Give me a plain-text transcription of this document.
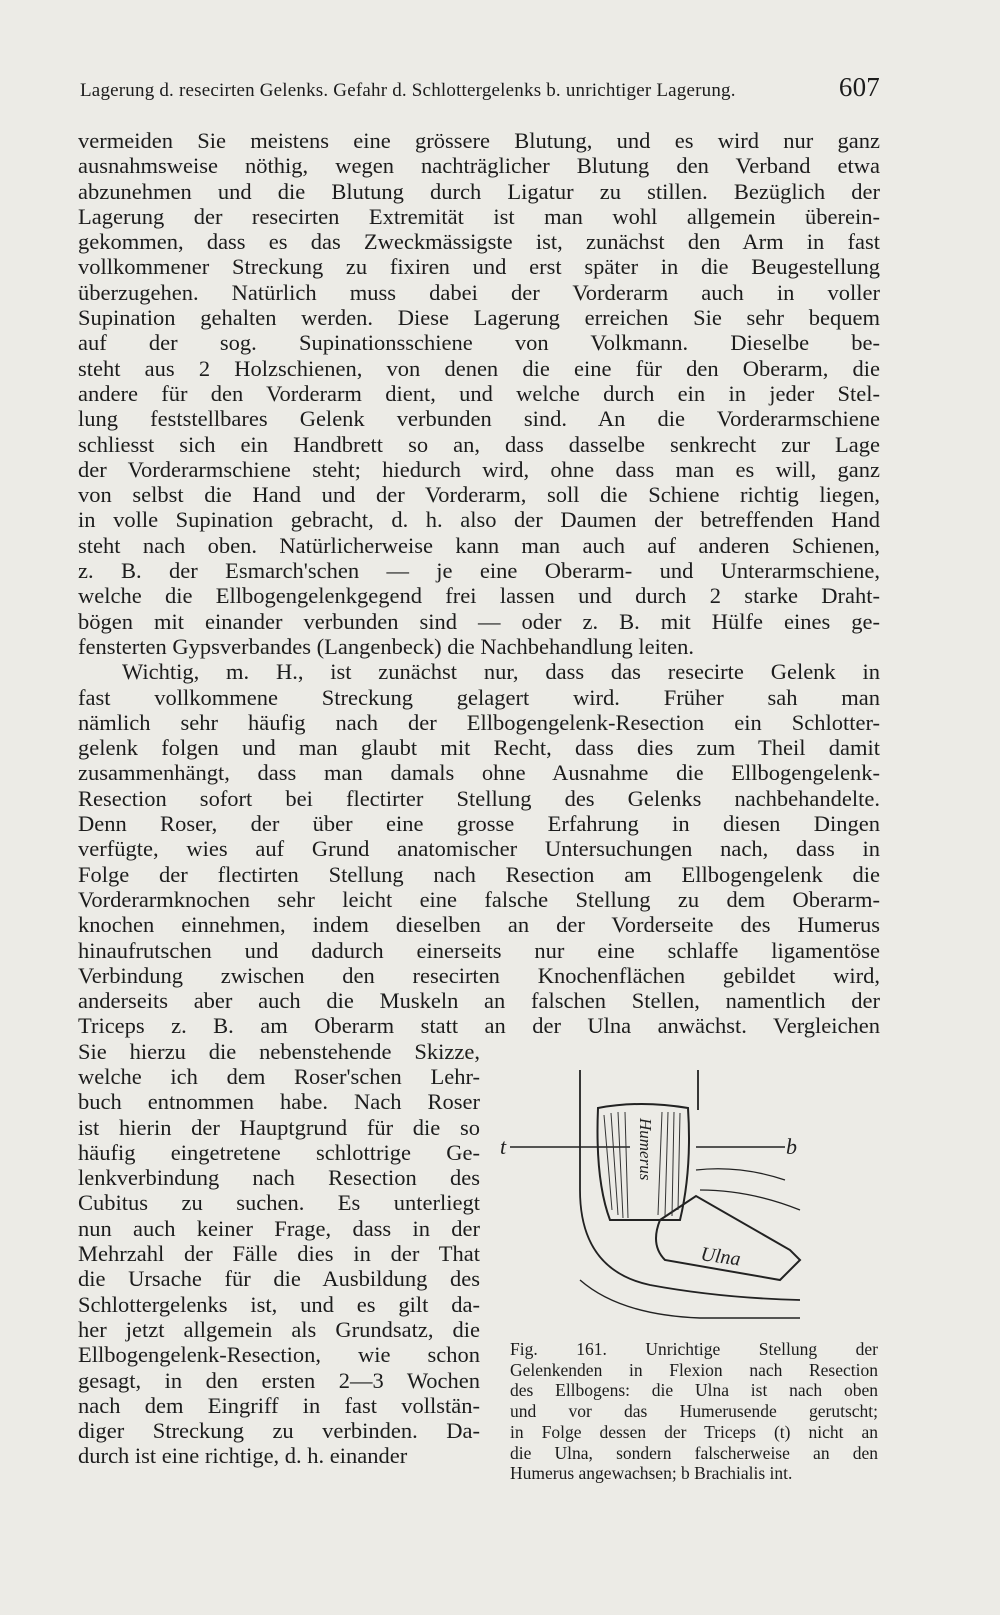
Lagerung d. resecirten Gelenks. Gefahr d. Schlottergelenks b. unrichtiger Lagerung.	607
vermeiden Sie meistens eine grössere Blutung, und es wird nur ganz
ausnahmsweise nöthig, wegen nachträglicher Blutung den Verband etwa
abzunehmen und die Blutung durch Ligatur zu stillen. Bezüglich der
Lagerung der resecirten Extremität ist man wohl allgemein überein-
gekommen, dass es das Zweckmässigste ist, zunächst den Arm in fast
vollkommener Streckung zu fixiren und erst später in die Beugestellung
überzugehen. Natürlich muss dabei der Vorderarm auch in voller
Supination gehalten werden. Diese Lagerung erreichen Sie sehr bequem
auf der sog. Supinationsschiene von Volkmann. Dieselbe be-
steht aus 2 Holzschienen, von denen die eine für den Oberarm, die
andere für den Vorderarm dient, und welche durch ein in jeder Stel-
lung feststellbares Gelenk verbunden sind. An die Vorderarmschiene
schliesst sich ein Handbrett so an, dass dasselbe senkrecht zur Lage
der Vorderarmschiene steht; hiedurch wird, ohne dass man es will, ganz
von selbst die Hand und der Vorderarm, soll die Schiene richtig liegen,
in volle Supination gebracht, d. h. also der Daumen der betreffenden Hand
steht nach oben. Natürlicherweise kann man auch auf anderen Schienen,
z. B. der Esmarch'schen — je eine Oberarm- und Unterarmschiene,
welche die Ellbogengelenkgegend frei lassen und durch 2 starke Draht-
bögen mit einander verbunden sind — oder z. B. mit Hülfe eines ge-
fensterten Gypsverbandes (Langenbeck) die Nachbehandlung leiten.
Wichtig, m. H., ist zunächst nur, dass das resecirte Gelenk in
fast vollkommene Streckung gelagert wird. Früher sah man
nämlich sehr häufig nach der Ellbogengelenk-Resection ein Schlotter-
gelenk folgen und man glaubt mit Recht, dass dies zum Theil damit
zusammenhängt, dass man damals ohne Ausnahme die Ellbogengelenk-
Resection sofort bei flectirter Stellung des Gelenks nachbehandelte.
Denn Roser, der über eine grosse Erfahrung in diesen Dingen
verfügte, wies auf Grund anatomischer Untersuchungen nach, dass in
Folge der flectirten Stellung nach Resection am Ellbogengelenk die
Vorderarmknochen sehr leicht eine falsche Stellung zu dem Oberarm-
knochen einnehmen, indem dieselben an der Vorderseite des Humerus
hinaufrutschen und dadurch einerseits nur eine schlaffe ligamentöse
Verbindung zwischen den resecirten Knochenflächen gebildet wird,
anderseits aber auch die Muskeln an falschen Stellen, namentlich der
Triceps z. B. am Oberarm statt an der Ulna anwächst. Vergleichen
Sie hierzu die nebenstehende Skizze,
welche ich dem Roser'schen Lehr-
buch entnommen habe. Nach Roser
ist hierin der Hauptgrund für die so
häufig eingetretene schlottrige Ge-
lenkverbindung nach Resection des
Cubitus zu suchen. Es unterliegt
nun auch keiner Frage, dass in der
Mehrzahl der Fälle dies in der That
die Ursache für die Ausbildung des
Schlottergelenks ist, und es gilt da-
her jetzt allgemein als Grundsatz, die
Ellbogengelenk-Resection, wie schon
gesagt, in den ersten 2—3 Wochen
nach dem Eingriff in fast vollstän-
diger Streckung zu verbinden. Da-
durch ist eine richtige, d. h. einander
Humerus
Ulna
t	b
Fig. 161. Unrichtige Stellung der
Gelenkenden in Flexion nach Resection
des Ellbogens: die Ulna ist nach oben
und vor das Humerusende gerutscht;
in Folge dessen der Triceps (t) nicht an
die Ulna, sondern falscherweise an den
Humerus angewachsen; b Brachialis int.
